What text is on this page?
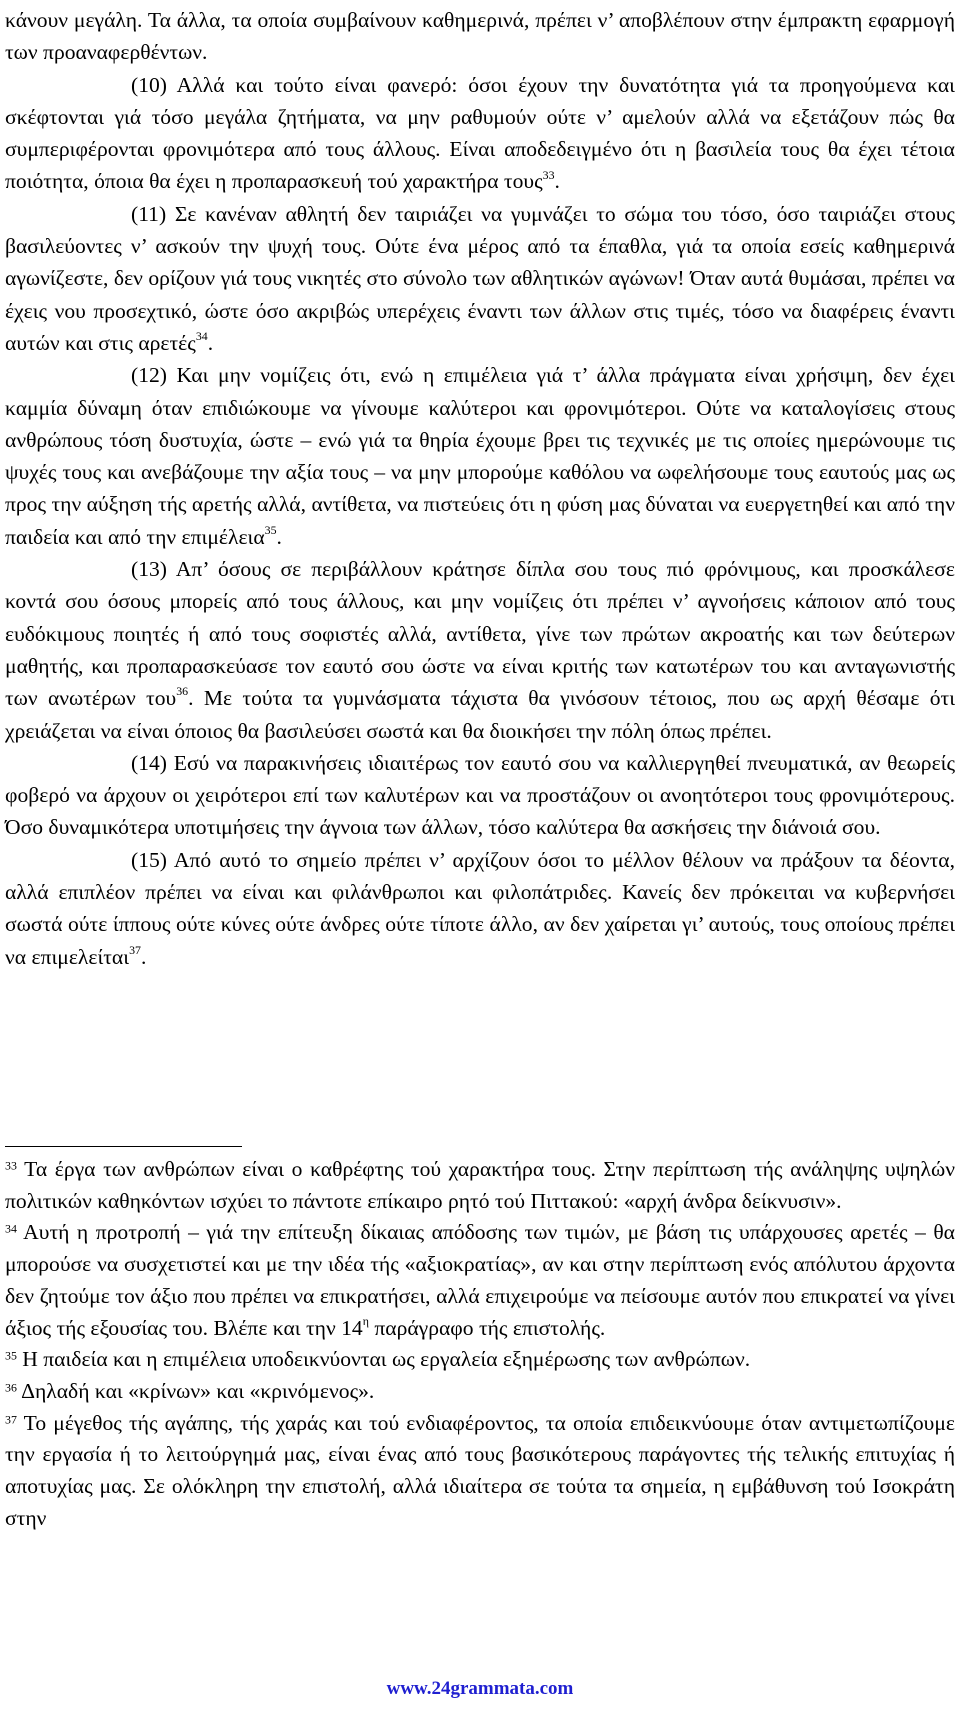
κάνουν μεγάλη. Τα άλλα, τα οποία συμβαίνουν καθημερινά, πρέπει ν’ αποβλέπουν στην έμπρακτη εφαρμογή των προαναφερθέντων.

(10) Αλλά και τούτο είναι φανερό: όσοι έχουν την δυνατότητα γιά τα προηγούμενα και σκέφτονται γιά τόσο μεγάλα ζητήματα, να μην ραθυμούν ούτε ν’ αμελούν αλλά να εξετάζουν πώς θα συμπεριφέρονται φρονιμότερα από τους άλλους. Είναι αποδεδειγμένο ότι η βασιλεία τους θα έχει τέτοια ποιότητα, όποια θα έχει η προπαρασκευή τού χαρακτήρα τους$^{33}$.

(11) Σε κανέναν αθλητή δεν ταιριάζει να γυμνάζει το σώμα του τόσο, όσο ταιριάζει στους βασιλεύοντες ν’ ασκούν την ψυχή τους. Ούτε ένα μέρος από τα έπαθλα, γιά τα οποία εσείς καθημερινά αγωνίζεστε, δεν ορίζουν γιά τους νικητές στο σύνολο των αθλητικών αγώνων! Όταν αυτά θυμάσαι, πρέπει να έχεις νου προσεχτικό, ώστε όσο ακριβώς υπερέχεις έναντι των άλλων στις τιμές, τόσο να διαφέρεις έναντι αυτών και στις αρετές$^{34}$.

(12) Και μην νομίζεις ότι, ενώ η επιμέλεια γιά τ’ άλλα πράγματα είναι χρήσιμη, δεν έχει καμμία δύναμη όταν επιδιώκουμε να γίνουμε καλύτεροι και φρονιμότεροι. Ούτε να καταλογίσεις στους ανθρώπους τόση δυστυχία, ώστε – ενώ γιά τα θηρία έχουμε βρει τις τεχνικές με τις οποίες ημερώνουμε τις ψυχές τους και ανεβάζουμε την αξία τους – να μην μπορούμε καθόλου να ωφελήσουμε τους εαυτούς μας ως προς την αύξηση τής αρετής αλλά, αντίθετα, να πιστεύεις ότι η φύση μας δύναται να ευεργετηθεί και από την παιδεία και από την επιμέλεια$^{35}$.

(13) Απ’ όσους σε περιβάλλουν κράτησε δίπλα σου τους πιό φρόνιμους, και προσκάλεσε κοντά σου όσους μπορείς από τους άλλους, και μην νομίζεις ότι πρέπει ν’ αγνοήσεις κάποιον από τους ευδόκιμους ποιητές ή από τους σοφιστές αλλά, αντίθετα, γίνε των πρώτων ακροατής και των δεύτερων μαθητής, και προπαρασκεύασε τον εαυτό σου ώστε να είναι κριτής των κατωτέρων του και ανταγωνιστής των ανωτέρων του$^{36}$. Με τούτα τα γυμνάσματα τάχιστα θα γινόσουν τέτοιος, που ως αρχή θέσαμε ότι χρειάζεται να είναι όποιος θα βασιλεύσει σωστά και θα διοικήσει την πόλη όπως πρέπει.

(14) Εσύ να παρακινήσεις ιδιαιτέρως τον εαυτό σου να καλλιεργηθεί πνευματικά, αν θεωρείς φοβερό να άρχουν οι χειρότεροι επί των καλυτέρων και να προστάζουν οι ανοητότεροι τους φρονιμότερους. Όσο δυναμικότερα υποτιμήσεις την άγνοια των άλλων, τόσο καλύτερα θα ασκήσεις την διάνοιά σου.

(15) Από αυτό το σημείο πρέπει ν’ αρχίζουν όσοι το μέλλον θέλουν να πράξουν τα δέοντα, αλλά επιπλέον πρέπει να είναι και φιλάνθρωποι και φιλοπάτριδες. Κανείς δεν πρόκειται να κυβερνήσει σωστά ούτε ίππους ούτε κύνες ούτε άνδρες ούτε τίποτε άλλο, αν δεν χαίρεται γι’ αυτούς, τους οποίους πρέπει να επιμελείται$^{37}$.

$^{33}$ Τα έργα των ανθρώπων είναι ο καθρέφτης τού χαρακτήρα τους. Στην περίπτωση τής ανάληψης υψηλών πολιτικών καθηκόντων ισχύει το πάντοτε επίκαιρο ρητό τού Πιττακού: «αρχή άνδρα δείκνυσιν».

$^{34}$ Αυτή η προτροπή – γιά την επίτευξη δίκαιας απόδοσης των τιμών, με βάση τις υπάρχουσες αρετές – θα μπορούσε να συσχετιστεί και με την ιδέα τής «αξιοκρατίας», αν και στην περίπτωση ενός απόλυτου άρχοντα δεν ζητούμε τον άξιο που πρέπει να επικρατήσει, αλλά επιχειρούμε να πείσουμε αυτόν που επικρατεί να γίνει άξιος τής εξουσίας του. Βλέπε και την $14^\eta$ παράγραφο τής επιστολής.

$^{35}$ Η παιδεία και η επιμέλεια υποδεικνύονται ως εργαλεία εξημέρωσης των ανθρώπων.

$^{36}$ Δηλαδή και «κρίνων» και «κρινόμενος».

$^{37}$ Το μέγεθος τής αγάπης, τής χαράς και τού ενδιαφέροντος, τα οποία επιδεικνύουμε όταν αντιμετωπίζουμε την εργασία ή το λειτούργημά μας, είναι ένας από τους βασικότερους παράγοντες τής τελικής επιτυχίας ή αποτυχίας μας. Σε ολόκληρη την επιστολή, αλλά ιδιαίτερα σε τούτα τα σημεία, η εμβάθυνση τού Ισοκράτη στην

www.24grammata.com
